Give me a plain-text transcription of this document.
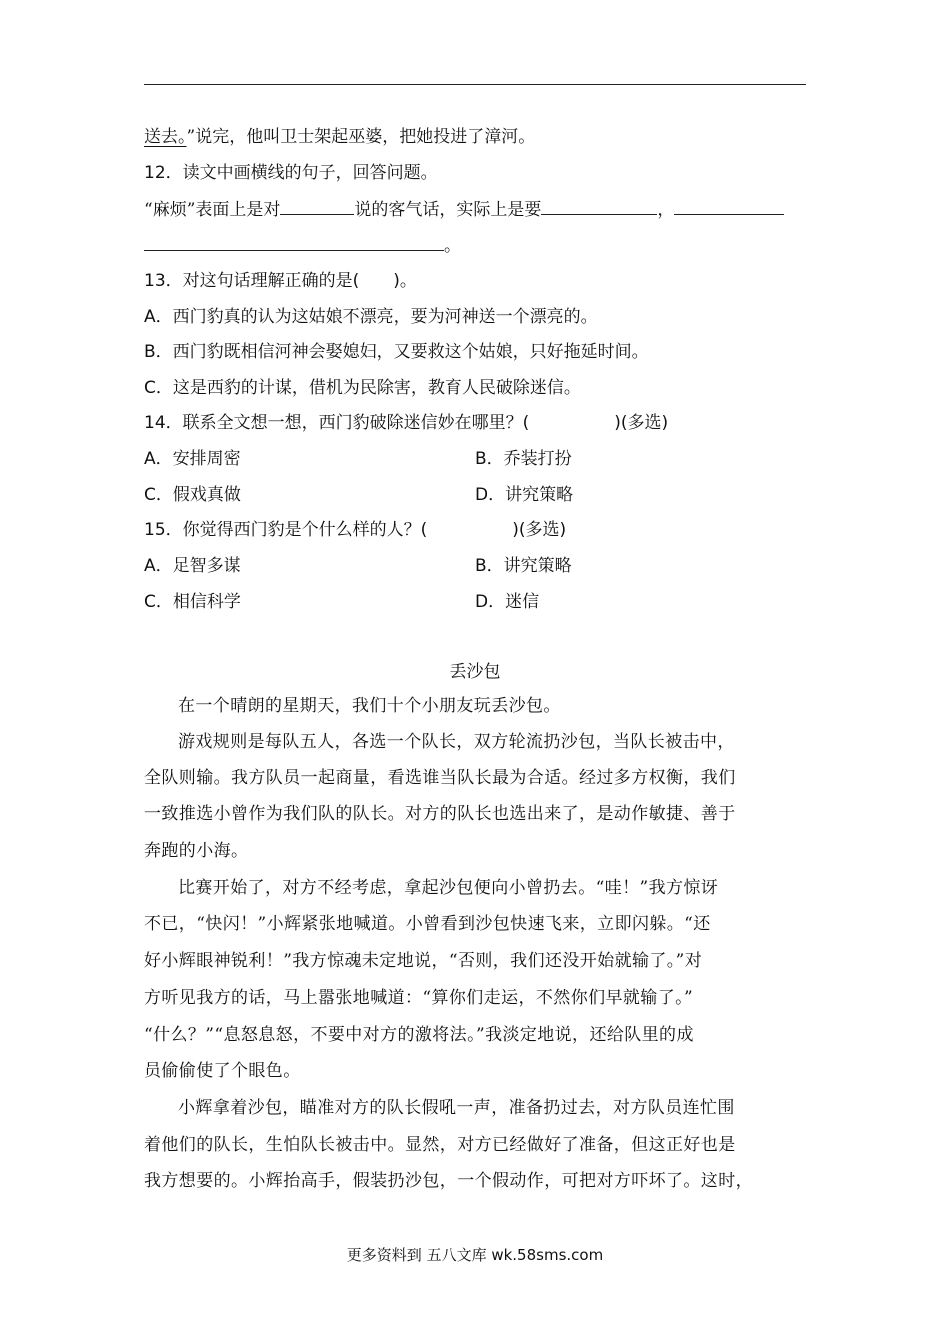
送去。”说完，他叫卫士架起巫婆，把她投进了漳河。
12．读文中画横线的句子，回答问题。
“麻烦”表面上是对	说的客气话，实际上是要	，
。
13．对这句话理解正确的是(　　)。
A．西门豹真的认为这姑娘不漂亮，要为河神送一个漂亮的。
B．西门豹既相信河神会娶媳妇，又要救这个姑娘，只好拖延时间。
C．这是西豹的计谋，借机为民除害，教育人民破除迷信。
14．联系全文想一想，西门豹破除迷信妙在哪里？(　　　　　)(多选)
A．安排周密	B．乔装打扮
C．假戏真做	D．讲究策略
15．你觉得西门豹是个什么样的人？(　　　　　)(多选)
A．足智多谋	B．讲究策略
C．相信科学	D．迷信
丢沙包
在一个晴朗的星期天，我们十个小朋友玩丢沙包。
游戏规则是每队五人，各选一个队长，双方轮流扔沙包，当队长被击中，
全队则输。我方队员一起商量，看选谁当队长最为合适。经过多方权衡，我们
一致推选小曾作为我们队的队长。对方的队长也选出来了，是动作敏捷、善于
奔跑的小海。
比赛开始了，对方不经考虑，拿起沙包便向小曾扔去。“哇！”我方惊讶
不已，“快闪！”小辉紧张地喊道。小曾看到沙包快速飞来，立即闪躲。“还
好小辉眼神锐利！”我方惊魂未定地说，“否则，我们还没开始就输了。”对
方听见我方的话，马上嚣张地喊道：“算你们走运，不然你们早就输了。”
“什么？”“息怒息怒，不要中对方的激将法。”我淡定地说，还给队里的成
员偷偷使了个眼色。
小辉拿着沙包，瞄准对方的队长假吼一声，准备扔过去，对方队员连忙围
着他们的队长，生怕队长被击中。显然，对方已经做好了准备，但这正好也是
我方想要的。小辉抬高手，假装扔沙包，一个假动作，可把对方吓坏了。这时，
更多资料到 五八文库 wk.58sms.com
